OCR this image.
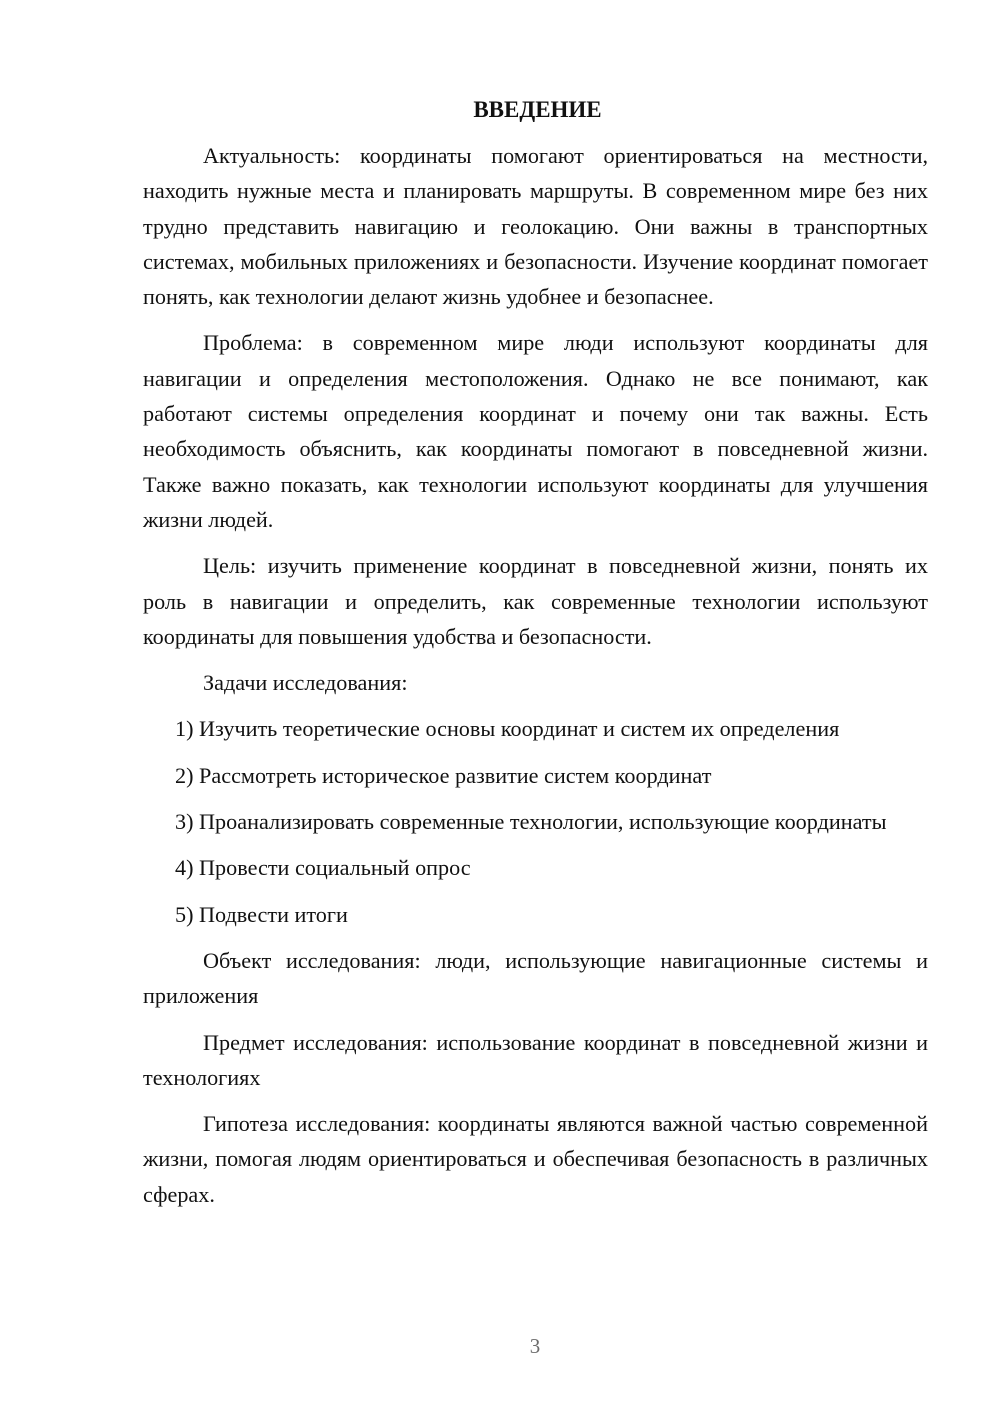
ВВЕДЕНИЕ

Актуальность: координаты помогают ориентироваться на местности, находить нужные места и планировать маршруты. В современном мире без них трудно представить навигацию и геолокацию. Они важны в транспортных системах, мобильных приложениях и безопасности. Изучение координат помогает понять, как технологии делают жизнь удобнее и безопаснее.

Проблема: в современном мире люди используют координаты для навигации и определения местоположения. Однако не все понимают, как работают системы определения координат и почему они так важны. Есть необходимость объяснить, как координаты помогают в повседневной жизни. Также важно показать, как технологии используют координаты для улучшения жизни людей.

Цель: изучить применение координат в повседневной жизни, понять их роль в навигации и определить, как современные технологии используют координаты для повышения удобства и безопасности.

Задачи исследования:

1) Изучить теоретические основы координат и систем их определения

2) Рассмотреть историческое развитие систем координат

3) Проанализировать современные технологии, использующие координаты

4) Провести социальный опрос

5) Подвести итоги

Объект исследования: люди, использующие навигационные системы и приложения

Предмет исследования: использование координат в повседневной жизни и технологиях

Гипотеза исследования: координаты являются важной частью современной жизни, помогая людям ориентироваться и обеспечивая безопасность в различных сферах.

3
